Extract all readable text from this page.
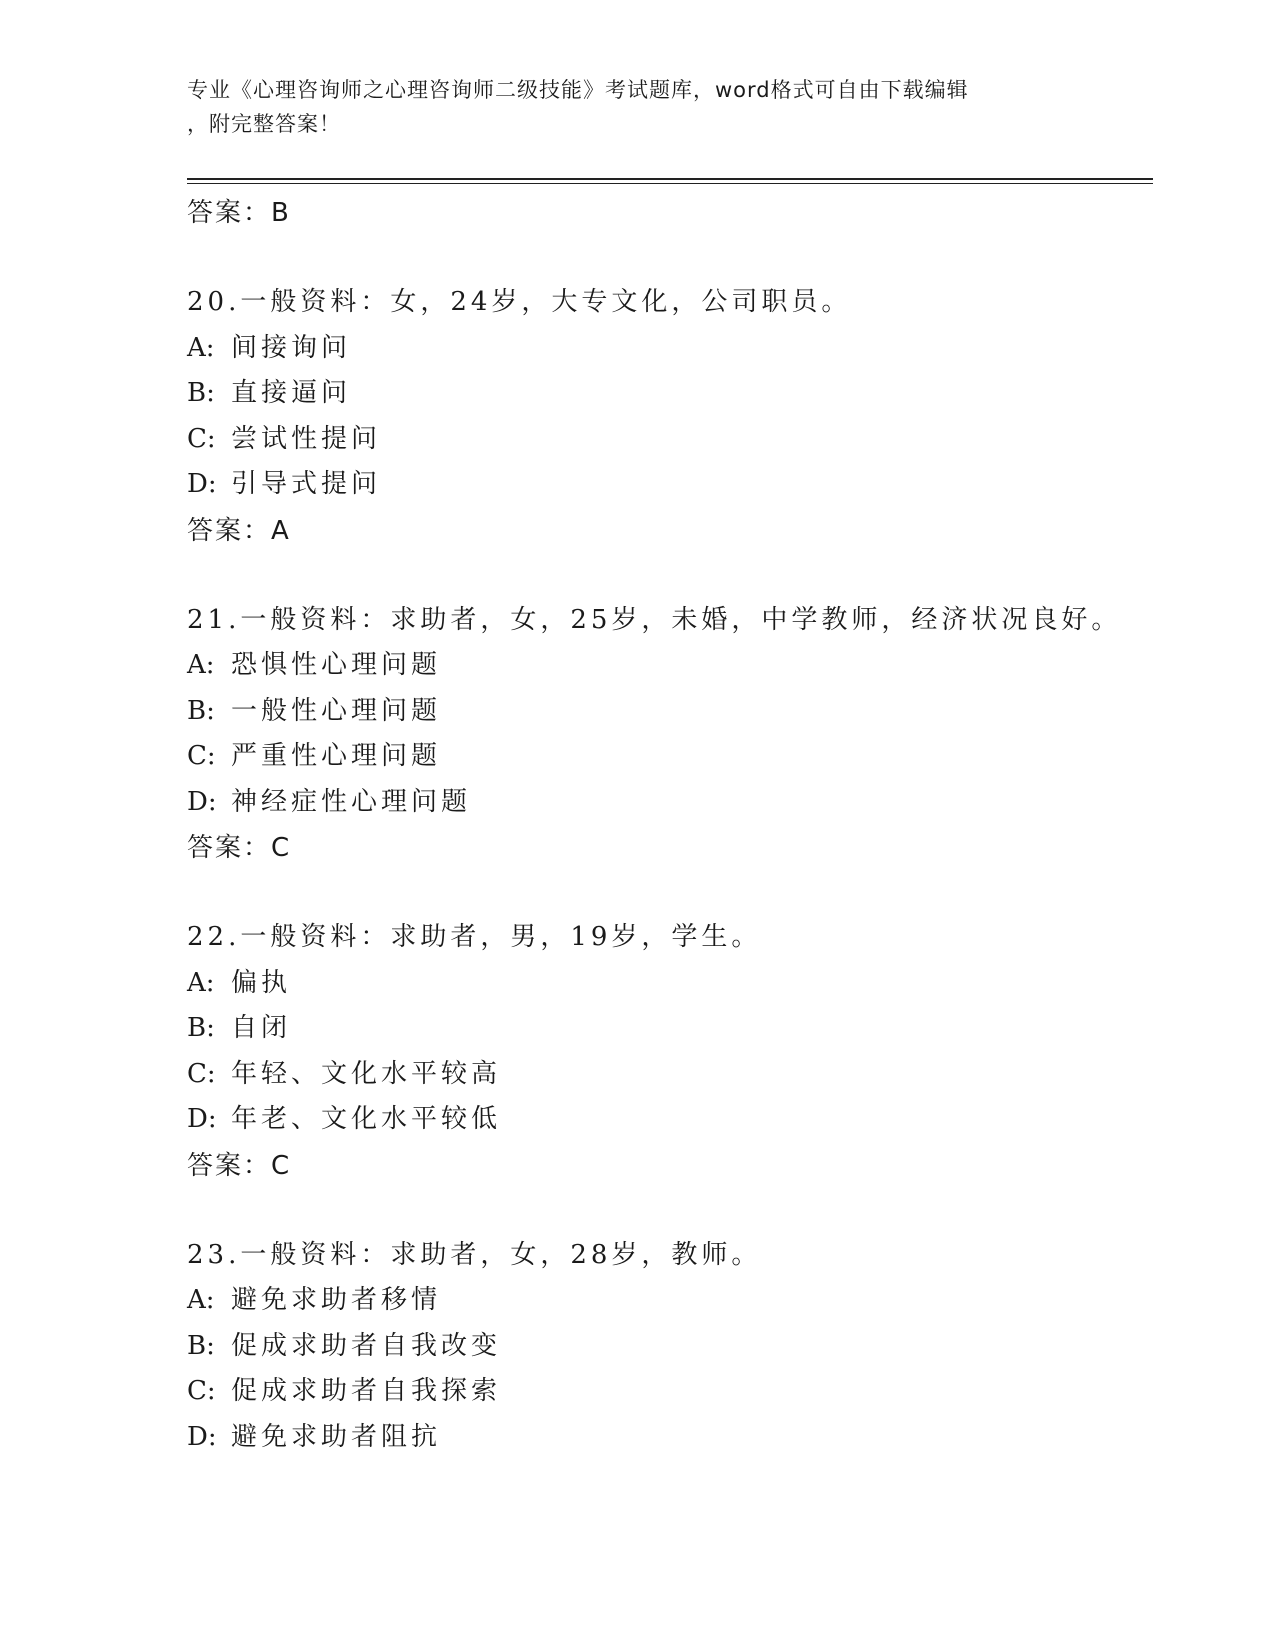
专业《心理咨询师之心理咨询师二级技能》考试题库，word格式可自由下载编辑
，附完整答案！
答案：B
20.一般资料：女，24岁，大专文化，公司职员。
A: 间接询问
B: 直接逼问
C: 尝试性提问
D: 引导式提问
答案：A
21.一般资料：求助者，女，25岁，未婚，中学教师，经济状况良好。
A: 恐惧性心理问题
B: 一般性心理问题
C: 严重性心理问题
D: 神经症性心理问题
答案：C
22.一般资料：求助者，男，19岁，学生。
A: 偏执
B: 自闭
C: 年轻、文化水平较高
D: 年老、文化水平较低
答案：C
23.一般资料：求助者，女，28岁，教师。
A: 避免求助者移情
B: 促成求助者自我改变
C: 促成求助者自我探索
D: 避免求助者阻抗
